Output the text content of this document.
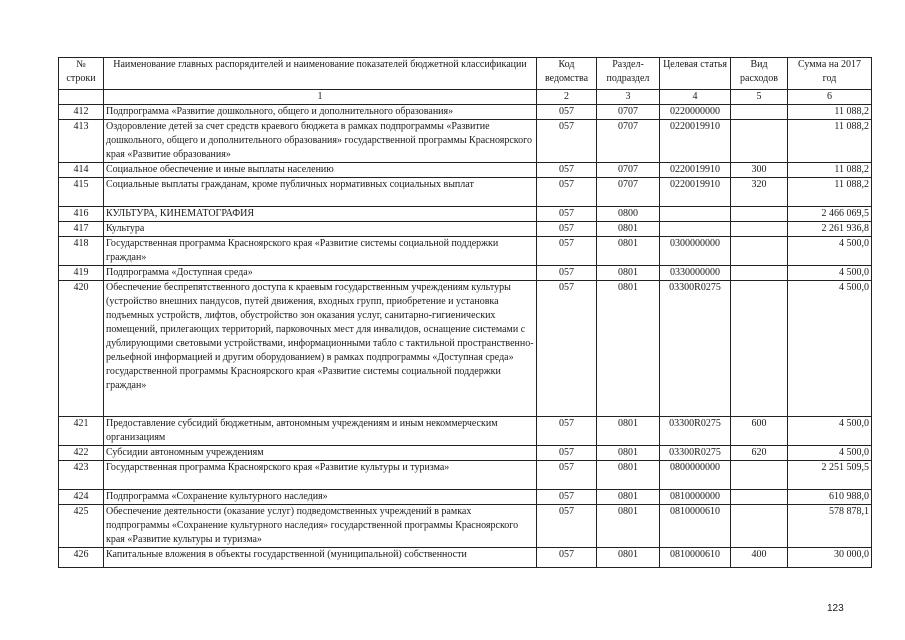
№ строки	Наименование главных распорядителей и наименование показателей бюджетной классификации	Код ведомства	Раздел-подраздел	Целевая статья	Вид расходов	Сумма на 2017 год
	1	2	3	4	5	6
412	Подпрограмма «Развитие дошкольного, общего и дополнительного образования»	057	0707	0220000000		11 088,2
413	Оздоровление детей за счет средств краевого бюджета в рамках подпрограммы «Развитие дошкольного, общего и дополнительного образования» государственной программы Красноярского края «Развитие образования»	057	0707	0220019910		11 088,2
414	Социальное обеспечение и иные выплаты населению	057	0707	0220019910	300	11 088,2
415	Социальные выплаты гражданам, кроме публичных нормативных социальных выплат	057	0707	0220019910	320	11 088,2
416	КУЛЬТУРА, КИНЕМАТОГРАФИЯ	057	0800			2 466 069,5
417	Культура	057	0801			2 261 936,8
418	Государственная программа Красноярского края «Развитие системы социальной поддержки граждан»	057	0801	0300000000		4 500,0
419	Подпрограмма «Доступная среда»	057	0801	0330000000		4 500,0
420	Обеспечение беспрепятственного доступа к краевым государственным учреждениям культуры (устройство внешних пандусов, путей движения, входных групп, приобретение и установка подъемных устройств, лифтов, обустройство зон оказания услуг, санитарно-гигиенических помещений, прилегающих территорий, парковочных мест для инвалидов, оснащение системами с дублирующими световыми устройствами, информационными табло с тактильной пространственно-рельефной информацией и другим оборудованием) в рамках подпрограммы «Доступная среда» государственной программы Красноярского края «Развитие системы социальной поддержки граждан»	057	0801	03300R0275		4 500,0
421	Предоставление субсидий бюджетным, автономным учреждениям и иным некоммерческим организациям	057	0801	03300R0275	600	4 500,0
422	Субсидии автономным учреждениям	057	0801	03300R0275	620	4 500,0
423	Государственная программа Красноярского края «Развитие культуры и туризма»	057	0801	0800000000		2 251 509,5
424	Подпрограмма «Сохранение культурного наследия»	057	0801	0810000000		610 988,0
425	Обеспечение деятельности (оказание услуг) подведомственных учреждений в рамках подпрограммы «Сохранение культурного наследия» государственной программы Красноярского края «Развитие культуры и туризма»	057	0801	0810000610		578 878,1
426	Капитальные вложения в объекты государственной (муниципальной) собственности	057	0801	0810000610	400	30 000,0
123
